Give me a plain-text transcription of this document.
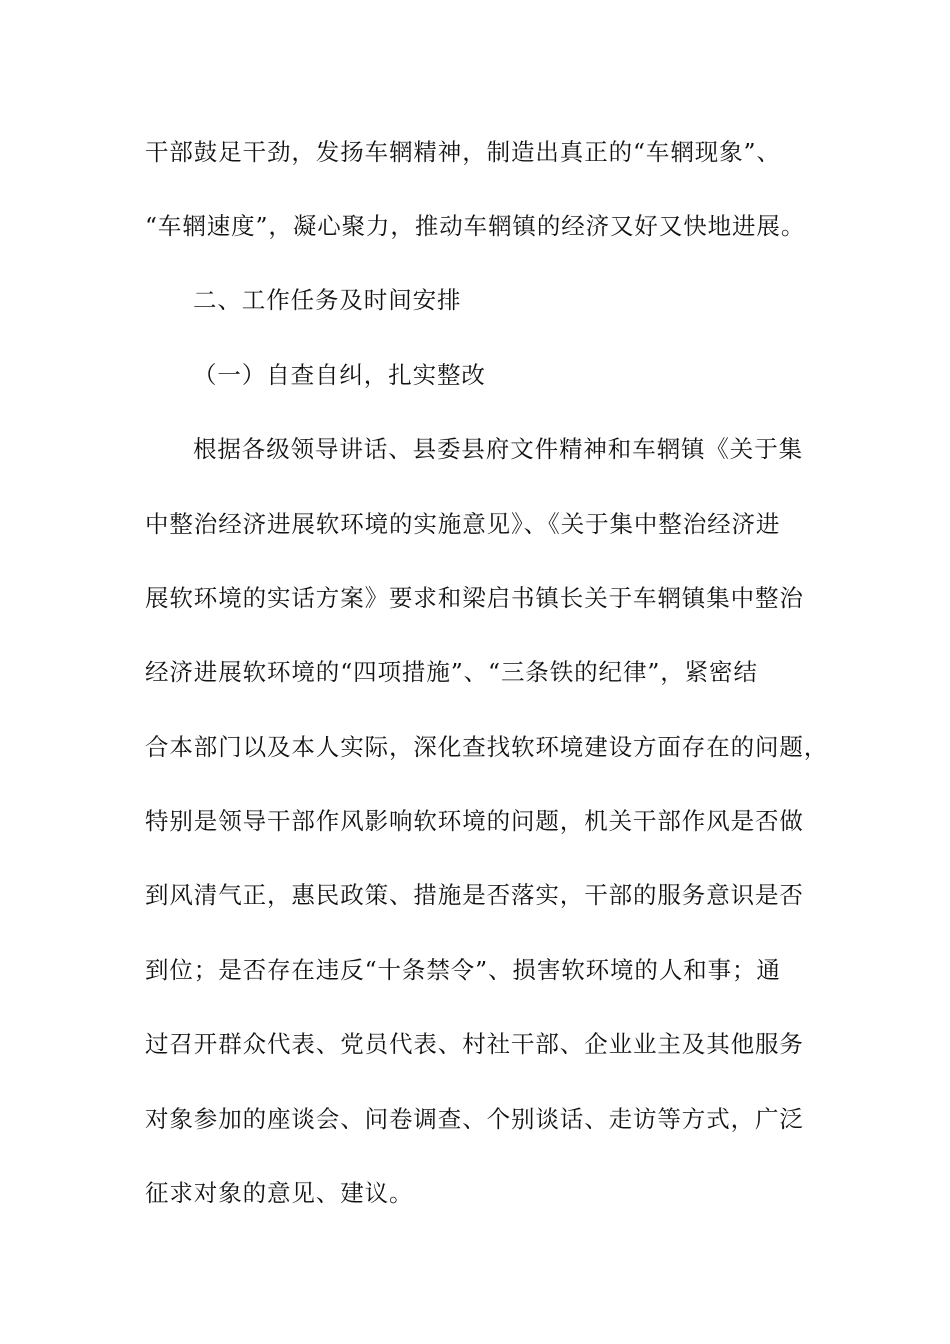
干部鼓足干劲，发扬车辋精神，制造出真正的“车辋现象”、
“车辋速度”，凝心聚力，推动车辋镇的经济又好又快地进展。
二、工作任务及时间安排
（一）自查自纠，扎实整改
根据各级领导讲话、县委县府文件精神和车辋镇《关于集
中整治经济进展软环境的实施意见》、《关于集中整治经济进
展软环境的实话方案》要求和梁启书镇长关于车辋镇集中整治
经济进展软环境的“四项措施”、“三条铁的纪律”，紧密结
合本部门以及本人实际，深化查找软环境建设方面存在的问题，
特别是领导干部作风影响软环境的问题，机关干部作风是否做
到风清气正，惠民政策、措施是否落实，干部的服务意识是否
到位；是否存在违反“十条禁令”、损害软环境的人和事；通
过召开群众代表、党员代表、村社干部、企业业主及其他服务
对象参加的座谈会、问卷调查、个别谈话、走访等方式，广泛
征求对象的意见、建议。
